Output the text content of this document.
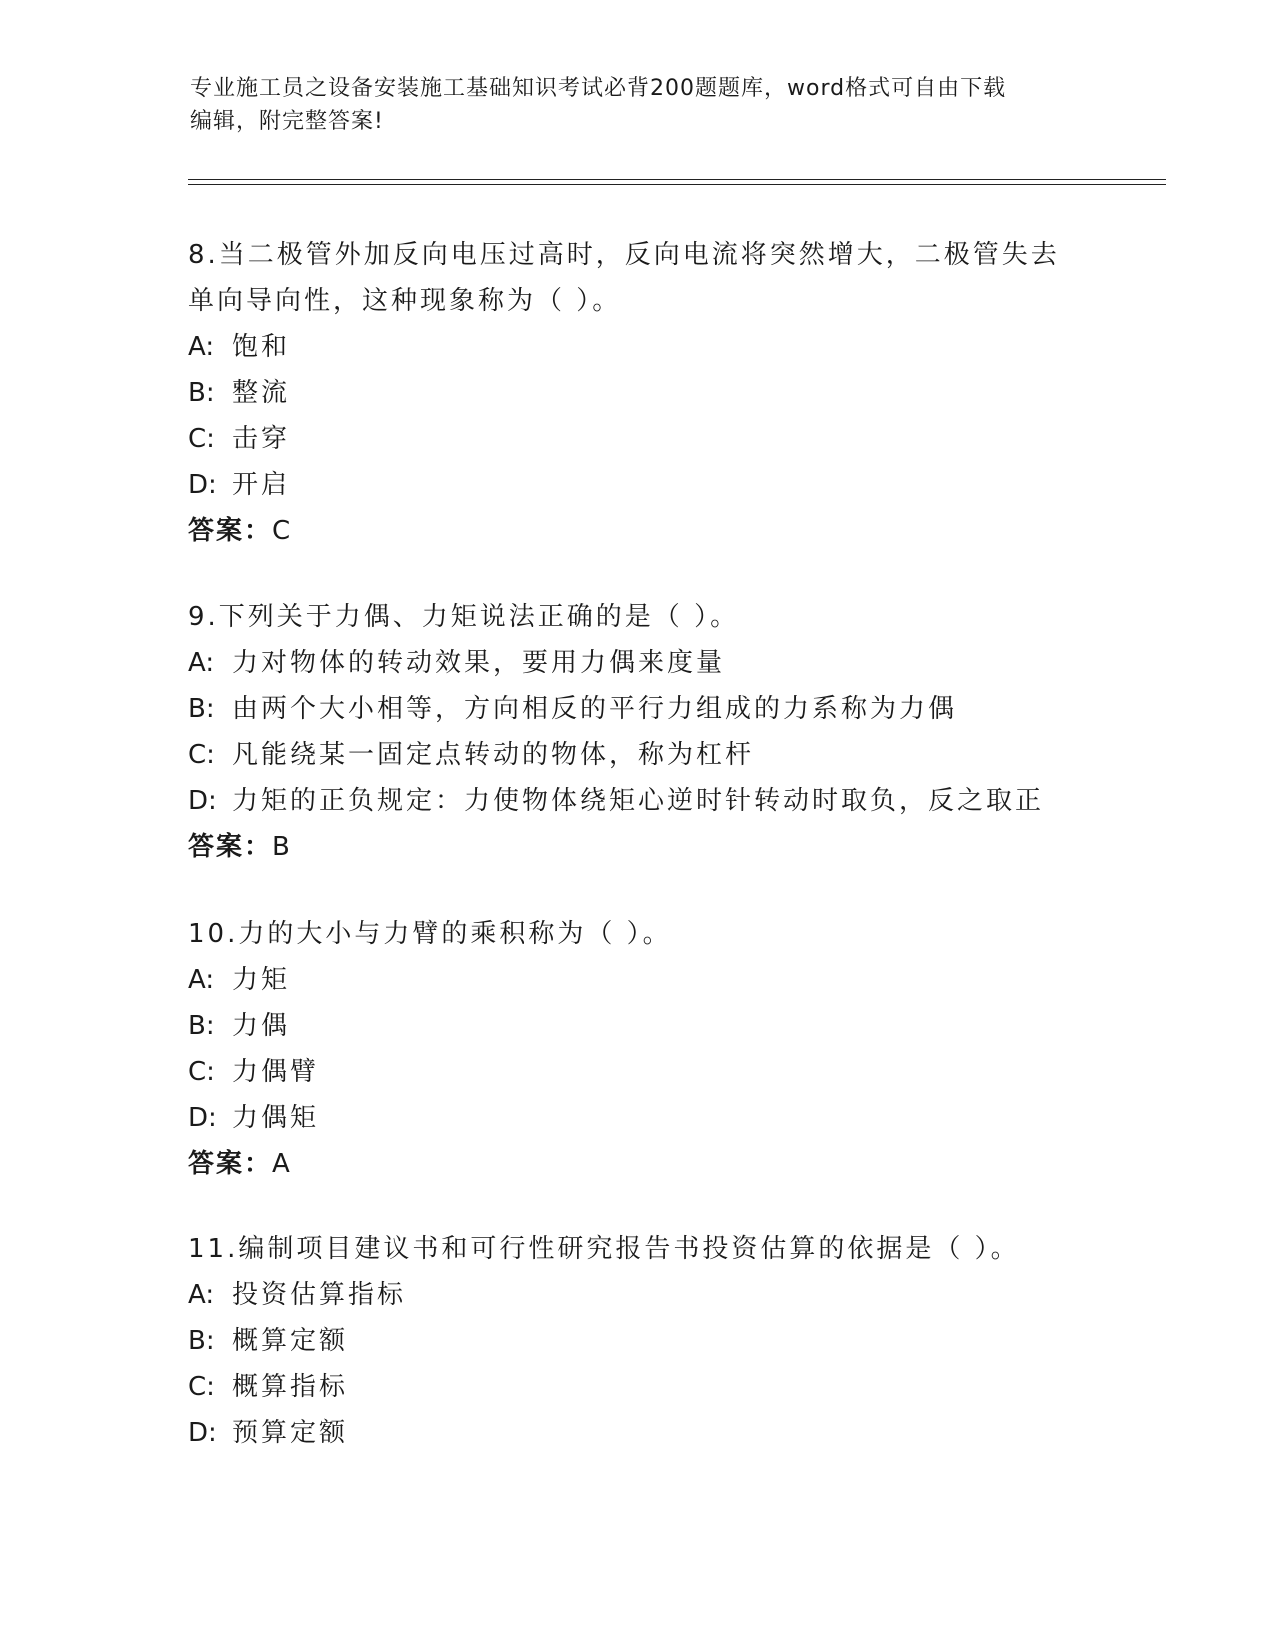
专业施工员之设备安装施工基础知识考试必背200题题库，word格式可自由下载
编辑，附完整答案!
8.当二极管外加反向电压过高时，反向电流将突然增大，二极管失去
单向导向性，这种现象称为（ ）。
A: 饱和
B: 整流
C: 击穿
D: 开启
答案：C
9.下列关于力偶、力矩说法正确的是（ ）。
A: 力对物体的转动效果，要用力偶来度量
B: 由两个大小相等，方向相反的平行力组成的力系称为力偶
C: 凡能绕某一固定点转动的物体，称为杠杆
D: 力矩的正负规定：力使物体绕矩心逆时针转动时取负，反之取正
答案：B
10.力的大小与力臂的乘积称为（ ）。
A: 力矩
B: 力偶
C: 力偶臂
D: 力偶矩
答案：A
11.编制项目建议书和可行性研究报告书投资估算的依据是（ ）。
A: 投资估算指标
B: 概算定额
C: 概算指标
D: 预算定额
